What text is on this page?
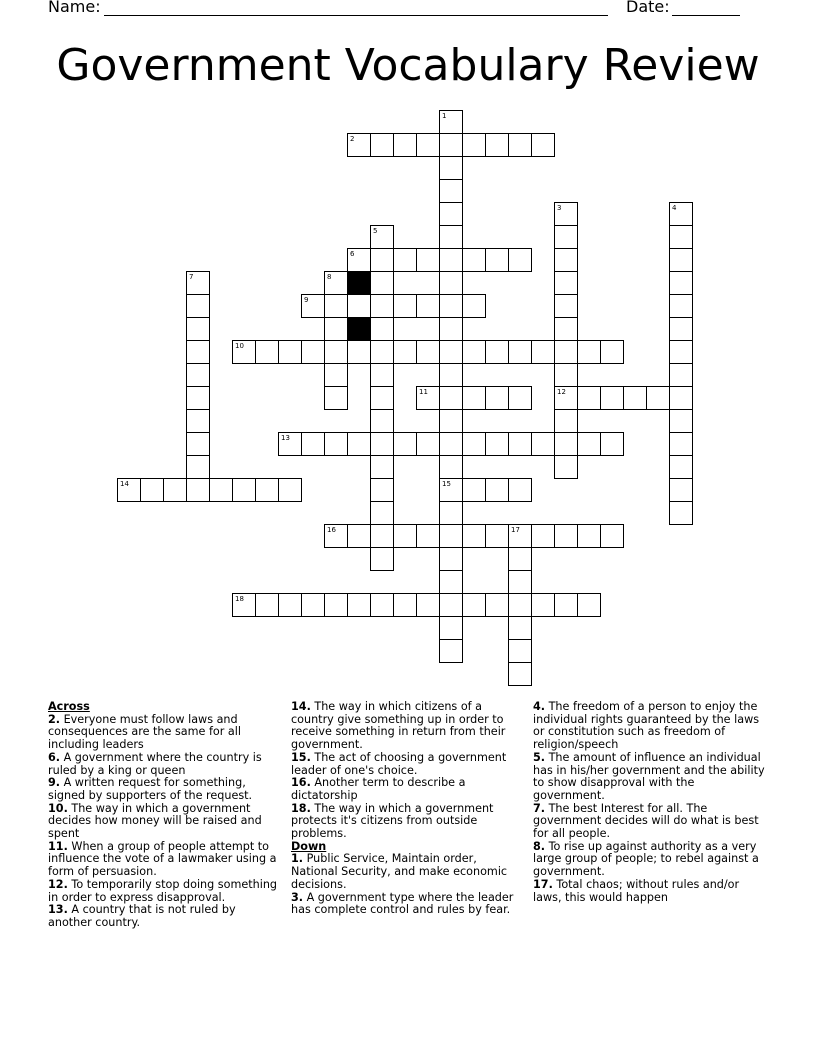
Name:	Date:
Government Vocabulary Review
1
15
2
3
12
4
5
6
7	8
9
10
11
13
14
16	17
18
Across
2. Everyone must follow laws and consequences are the same for all including leaders
6. A government where the country is ruled by a king or queen
9. A written request for something, signed by supporters of the request.
10. The way in which a government decides how money will be raised and spent
11. When a group of people attempt to influence the vote of a lawmaker using a form of persuasion.
12. To temporarily stop doing something in order to express disapproval.
13. A country that is not ruled by another country.
14. The way in which citizens of a country give something up in order to receive something in return from their government.
15. The act of choosing a government leader of one's choice.
16. Another term to describe a dictatorship
18. The way in which a government protects it's citizens from outside problems.
Down
1. Public Service, Maintain order, National Security, and make economic decisions.
3. A government type where the leader has complete control and rules by fear.
4. The freedom of a person to enjoy the individual rights guaranteed by the laws or constitution such as freedom of religion/speech
5. The amount of influence an individual has in his/her government and the ability to show disapproval with the government.
7. The best Interest for all. The government decides will do what is best for all people.
8. To rise up against authority as a very large group of people; to rebel against a government.
17. Total chaos; without rules and/or laws, this would happen
